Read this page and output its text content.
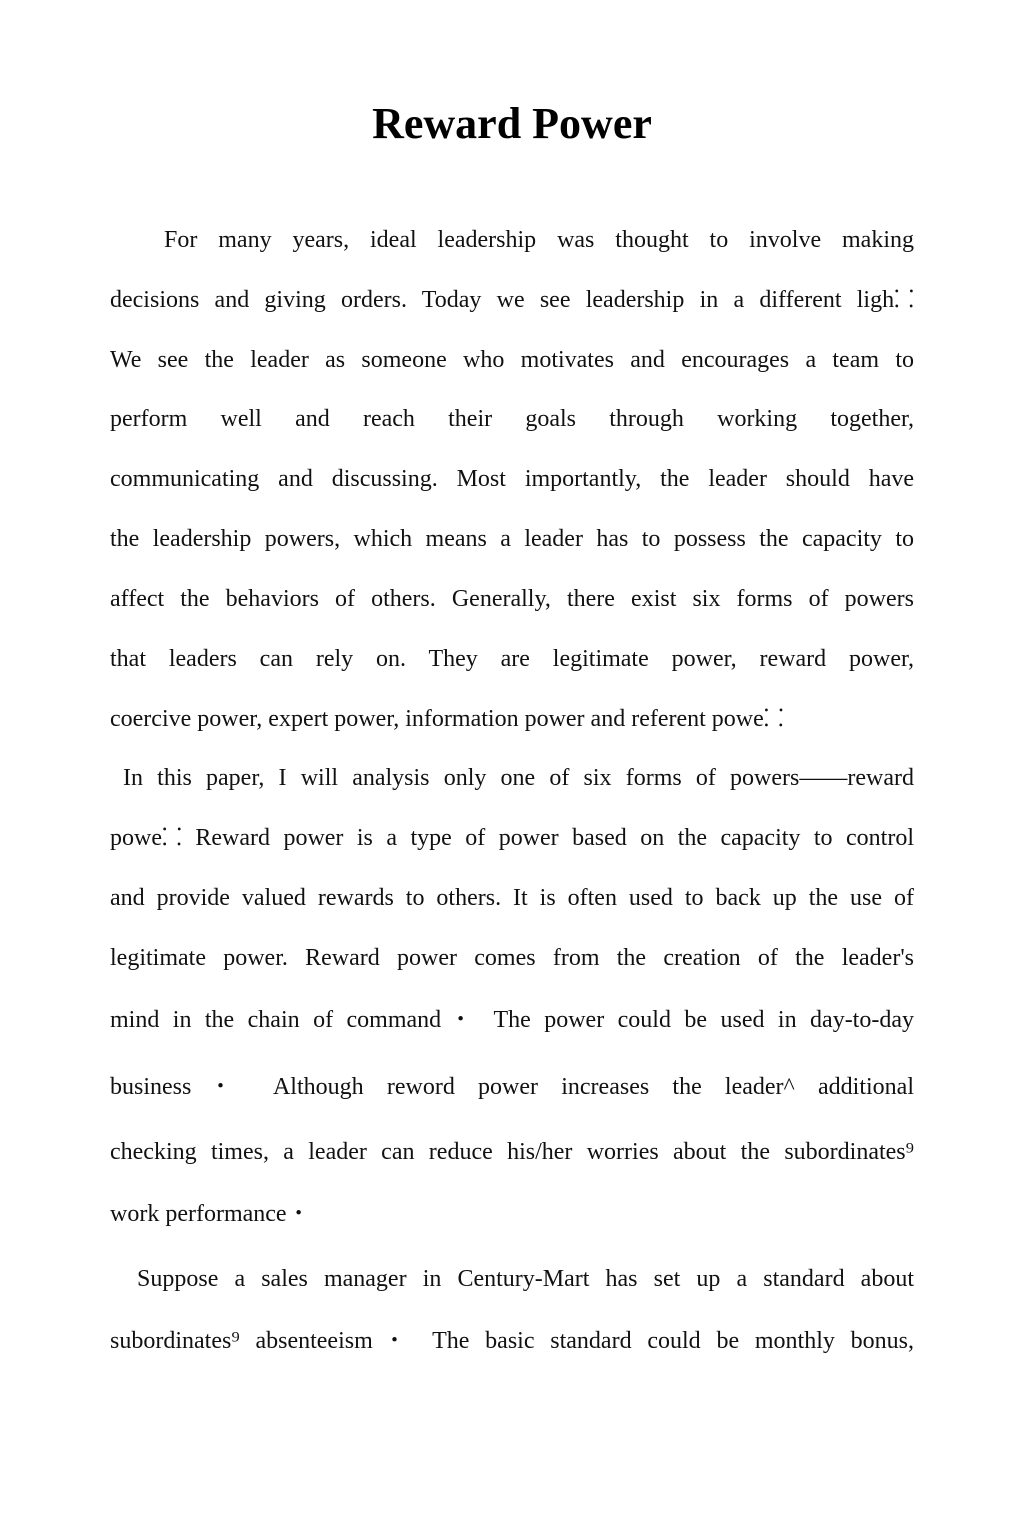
Reward Power
For many years, ideal leadership was thought to involve making
decisions and giving orders. Today we see leadership in a different ligh⸬
We see the leader as someone who motivates and encourages a team to
perform well and reach their goals through working together,
communicating and discussing. Most importantly, the leader should have
the leadership powers, which means a leader has to possess the capacity to
affect the behaviors of others. Generally, there exist six forms of powers
that leaders can rely on. They are legitimate power, reward power,
coercive power, expert power, information power and referent powe⸬
In this paper, I will analysis only one of six forms of powers——reward
powe⸬ Reward power is a type of power based on the capacity to control
and provide valued rewards to others. It is often used to back up the use of
legitimate power. Reward power comes from the creation of the leader's
mind in the chain of command・ The power could be used in day-to-day
business・ Although reword power increases the leader^ additional
checking times, a leader can reduce his/her worries about the subordinates⁹
work performance・
Suppose a sales manager in Century-Mart has set up a standard about
subordinates⁹ absenteeism・ The basic standard could be monthly bonus,
